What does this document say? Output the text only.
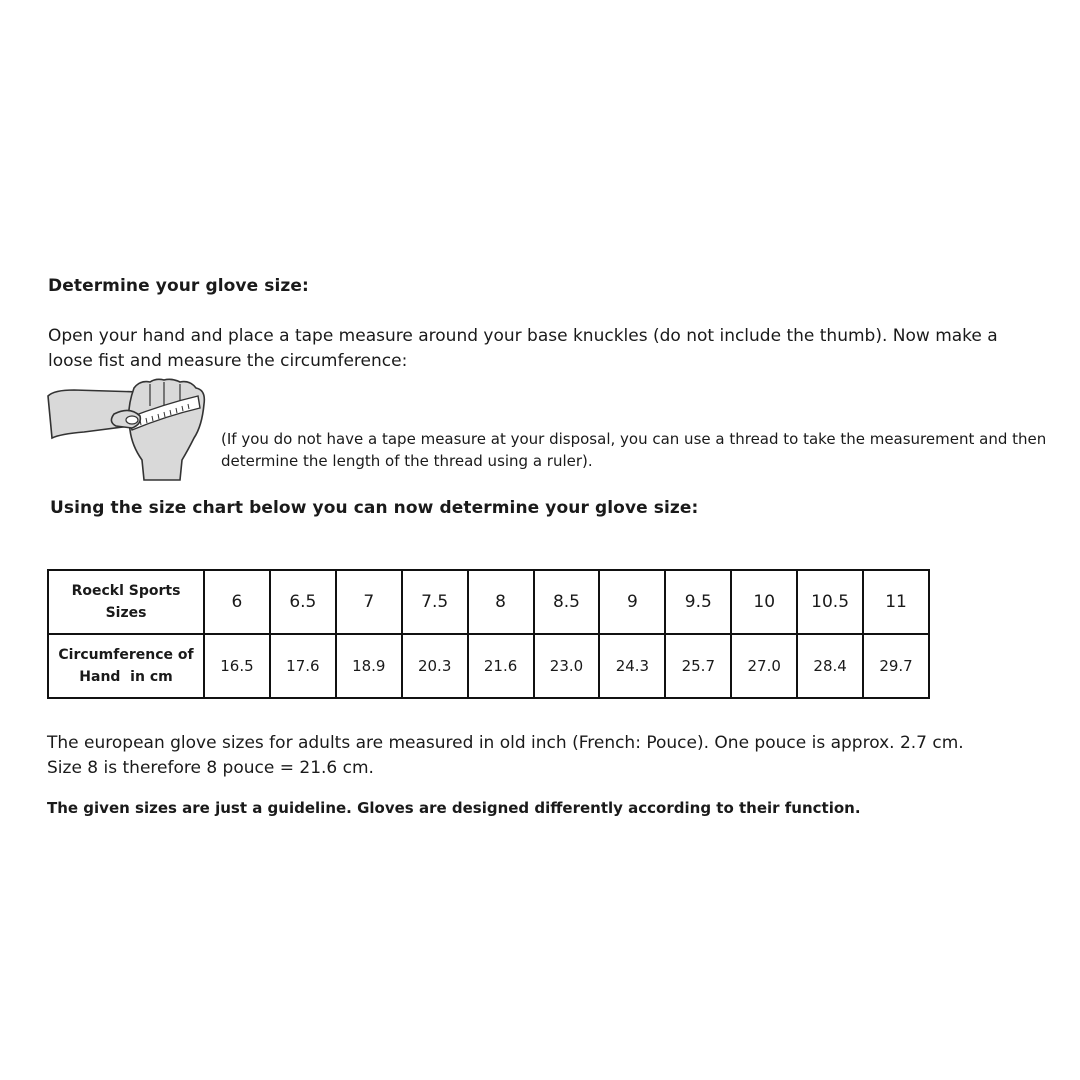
Determine your glove size:
Open your hand and place a tape measure around your base knuckles (do not include the thumb). Now make a
loose fist and measure the circumference:
(If you do not have a tape measure at your disposal, you can use a thread to take the measurement and then
determine the length of the thread using a ruler).
Using the size chart below you can now determine your glove size:
Roeckl Sports
Sizes	6	6.5	7	7.5	8	8.5	9	9.5	10	10.5	11

Circumference of
Hand  in cm	16.5	17.6	18.9	20.3	21.6	23.0	24.3	25.7	27.0	28.4	29.7
The european glove sizes for adults are measured in old inch (French: Pouce). One pouce is approx. 2.7 cm.
Size 8 is therefore 8 pouce = 21.6 cm.
The given sizes are just a guideline. Gloves are designed differently according to their function.
